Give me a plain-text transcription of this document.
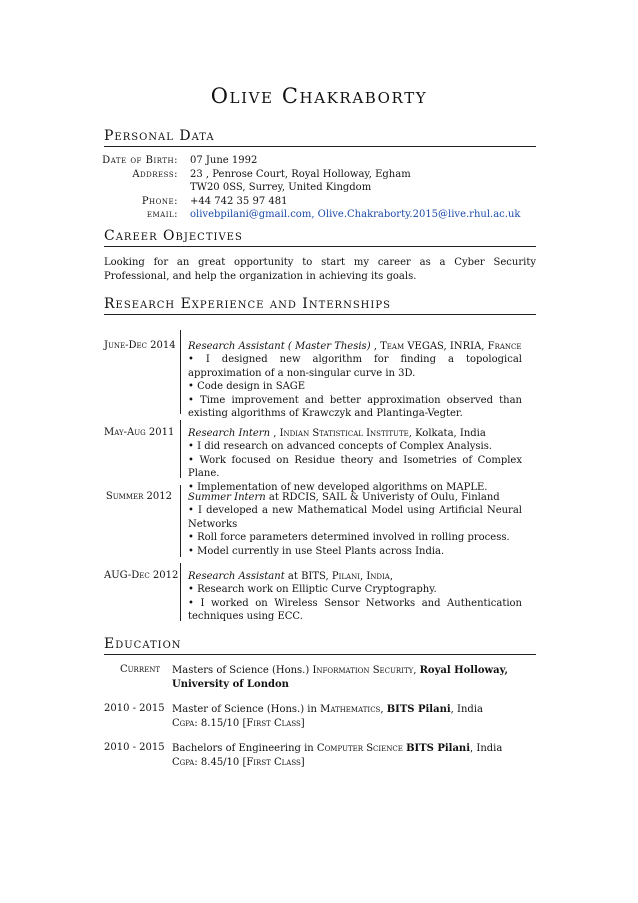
Olive Chakraborty
Personal Data
Date of Birth:
Address:
Phone:
email:
07 June 1992
23 , Penrose Court, Royal Holloway, Egham
TW20 0SS, Surrey, United Kingdom
+44 742 35 97 481
olivebpilani@gmail.com, Olive.Chakraborty.2015@live.rhul.ac.uk
Career Objectives
Looking for an great opportunity to start my career as a Cyber Security Professional, and help the organization in achieving its goals.
Research Experience and Internships
June-Dec 2014 Research Assistant ( Master Thesis) , Team VEGAS, INRIA, France
• I designed new algorithm for finding a topological approximation of a non-singular curve in 3D.
• Code design in SAGE
• Time improvement and better approximation observed than existing algorithms of Krawczyk and Plantinga-Vegter.
May-Aug 2011 Research Intern , Indian Statistical Institute, Kolkata, India
• I did research on advanced concepts of Complex Analysis.
• Work focused on Residue theory and Isometries of Complex Plane.
• Implementation of new developed algorithms on MAPLE.
Summer 2012 Summer Intern at RDCIS, SAIL & Univeristy of Oulu, Finland
• I developed a new Mathematical Model using Artificial Neural Networks
• Roll force parameters determined involved in rolling process.
• Model currently in use Steel Plants across India.
AUG-Dec 2012 Research Assistant at BITS, Pilani, India,
• Research work on Elliptic Curve Cryptography.
• I worked on Wireless Sensor Networks and Authentication techniques using ECC.
Education
Current Masters of Science (Hons.) Information Security, Royal Holloway, University of London
2010 - 2015 Master of Science (Hons.) in Mathematics, BITS Pilani, India
Cgpa: 8.15/10 [First Class]
2010 - 2015 Bachelors of Engineering in Computer Science BITS Pilani, India
Cgpa: 8.45/10 [First Class]
